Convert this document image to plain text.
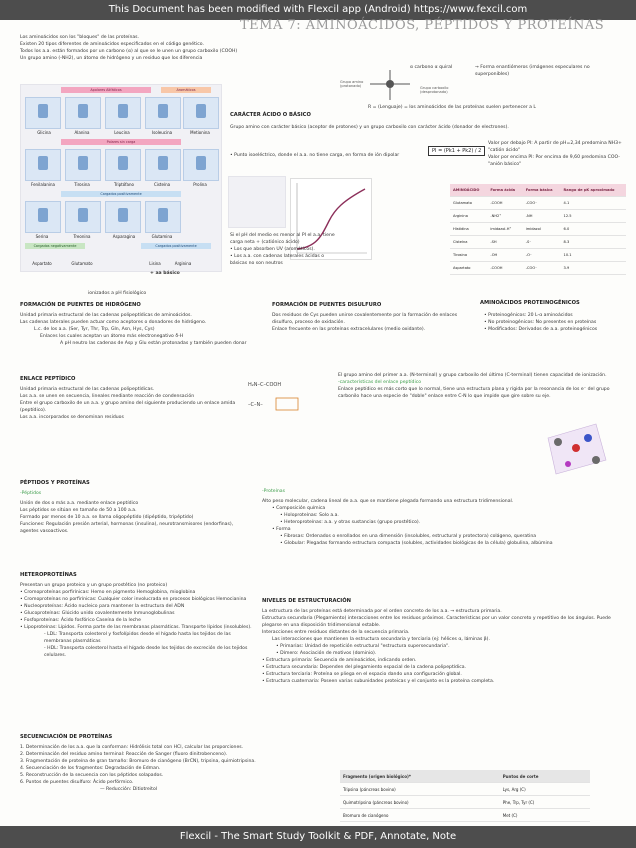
This Document has been modified with Flexcil app (Android) https://www.fexcil.com
TEMA 7: AMINOÁCIDOS, PÉPTIDOS Y PROTEÍNAS

Los aminoácidos son los "bloques" de las proteínas.

Existen 20 tipos diferentes de aminoácidos especificados en el código genético.

Todos los a.a. están formados por un carbono (α) al que se le unen un grupo carboxilo (COOH)

Un grupo amino (-NH2), un átomo de hidrógeno y un residuo que los diferencia

Grupo amino (protonado)	Grupo carboxilo (desprotonado)
α carbono α quiral	→ Forma enantiómeros (imágenes especulares no superponibles)
R = (Lenguaje) = los aminoácidos de las proteínas suelen pertenecer a L
Apolares Alifáticos	Aromáticos
Glicina	Alanina	Leucina	Isoleucina	Metionina
Polares sin carga
Fenilalanina	Tirosina	Triptófano	Cisteína	Prolina
Cargados positivamente
Serina	Treonina	Asparagina	Glutamina
Cargados negativamente	Cargados positivamente
Aspartato	Glutamato	Lisina	Arginina
+ aa básico
ionizados a pH fisiológico
CARÁCTER ÁCIDO O BÁSICO
Grupo amino con carácter básico (aceptor de protones) y un grupo carboxilo con carácter ácido (donador de electrones).
• Punto isoeléctrico, donde el a.a. no tiene carga, en forma de ión dipolar
PI = (Pk1 + Pk2) / 2

Valor por debajo PI: A partir de pH=2,34 predomina NH3+ "catión ácido"

Valor por encima PI: Por encima de 9,60 predomina COO- "anión básico"

AMINOÁCIDO	Forma ácida	Forma básica	Rango de pK aproximado
Glutamato	-COOH	-COO⁻	4.1
Arginina	-NH2⁺	-NH	12.5
Histidina	imidazol-H⁺	imidazol	6.0
Cisteína	-SH	-S⁻	8.3
Tirosina	-OH	-O⁻	10.1
Aspartato	-COOH	-COO⁻	3.9

Si el pH del medio es menor al PI el a.a. tiene carga neta + (catiónico ácido)

• Los que absorben UV (aromáticos).

• Los a.a. con cadenas laterales ácidas o básicas no son neutros

FORMACIÓN DE PUENTES DE HIDRÓGENO

Unidad primaria estructural de las cadenas polipeptídicas de aminoácidos.

Las cadenas laterales pueden actuar como aceptores o donadores de hidrógeno.

L.c. de los a.a. (Ser, Tyr, Thr, Trp, Gln, Asn, Hys, Cys)

Enlaces los cuales aceptan un átomo más electronegativo δ-H

A pH neutro las cadenas de Asp y Glu están protonadas y también pueden donar

FORMACIÓN DE PUENTES DISULFURO

Dos residuos de Cys pueden unirse covalentemente por la formación de enlaces disulfuro, proceso de oxidación.

Enlace frecuente en las proteínas extracelulares (medio oxidante).

AMINOÁCIDOS PROTEINOGÉNICOS

• Proteinogénicos: 20 L-α aminoácidos

• No proteinogénicos: No presentes en proteínas

• Modificados: Derivados de a.a. proteinogénicos

ENLACE PEPTÍDICO

Unidad primaria estructural de las cadenas polipeptídicas.

Los a.a. se unen en secuencia, lineales mediante reacción de condensación

Entre el grupo carboxilo de un a.a. y grupo amino del siguiente produciendo un enlace amida (peptídico).

Los a.a. incorporados se denominan residuos

H₂N–C–COOH
–C–N–

El grupo amino del primer a.a. (N-terminal) y grupo carboxilo del último (C-terminal) tienen capacidad de ionización.

-características del enlace peptídico

Enlace peptídico es más corto que lo normal, tiene una estructura plana y rígida por la resonancia de los e⁻ del grupo carbonilo hace una especie de "doble" enlace entre C-N lo que impide que gire sobre su eje.

PÉPTIDOS Y PROTEÍNAS
-Péptidos

Unión de dos o más a.a. mediante enlace peptídico

Los péptidos se sitúan en tamaño de 50 a 100 a.a.

Formado por menos de 10 a.a. se llama oligopéptido (dipéptido, tripéptido)

Funciones: Regulación presión arterial, hormonas (insulina), neurotransmisores (endorfinas), agentes vasoactivos.

-Proteínas

Alto peso molecular, cadena lineal de a.a. que se mantiene plegada formando una estructura tridimensional.

• Composición química

• Holoproteínas: Solo a.a.

• Heteroproteínas: a.a. y otras sustancias (grupo prostético).

• Forma

• Fibrosas: Ordenados o enrollados en una dimensión (insolubles, estructural y protectora) colágeno, queratina

• Globular: Plegadas formando estructura compacta (solubles, actividades biológicas de la célula) globulina, albúmina

HETEROPROTEÍNAS

Presentan un grupo proteico y un grupo prostético (no proteico)

• Cromoproteínas porfirínicas: Hemo en pigmento Hemoglobina, mioglobina

• Cromoproteínas no porfirínicas: Cualquier color involucrada en procesos biológicos Hemocianina

• Nucleoproteínas: Ácido nucleico para mantener la estructura del ADN

• Glucoproteínas: Glúcido unido covalentemente Inmunoglobulinas

• Fosfoproteínas: Ácido fosfórico Caseína de la leche

• Lipoproteínas: Lípidos. Forma parte de las membranas plasmáticas. Transporte lípidos (insolubles).

- LDL: Transporta colesterol y fosfolípidos desde el hígado hasta los tejidos de las membranas plasmáticas

- HDL: Transporta colesterol hasta el hígado desde los tejidos de excreción de los tejidos celulares.

NIVELES DE ESTRUCTURACIÓN

La estructura de las proteínas está determinada por el orden concreto de los a.a. → estructura primaria.

Estructura secundaria (Plegamiento) interacciones entre los residuos próximos. Características por un valor concreto y repetitivo de los ángulos. Puede plegarse en una disposición tridimensional estable.

Interacciones entre residuos distantes de la secuencia primaria.

Las interacciones que mantienen la estructura secundaria y terciaria (ej: hélices α, láminas β).

• Primarias: Unidad de repetición estructural "estructura supersecundaria".

• Dímero: Asociación de motivos (dominio).

• Estructura primaria: Secuencia de aminoácidos, indicando orden.

• Estructura secundaria: Dependen del plegamiento espacial de la cadena polipeptídica.

• Estructura terciaria: Proteína se pliega en el espacio dando una configuración global.

• Estructura cuaternaria: Poseen varias subunidades proteicas y el conjunto es la proteína completa.

SECUENCIACIÓN DE PROTEÍNAS

1. Determinación de los a.a. que la conforman: Hidrólisis total con HCl, calcular las proporciones.

2. Determinación del residuo amino terminal: Reacción de Sanger (fluoro dinitrobenceno).

3. Fragmentación de proteína de gran tamaño: Bromuro de cianógeno (BrCN), tripsina, quimiotripsina.

4. Secuenciación de los fragmentos: Degradación de Edman.

5. Reconstrucción de la secuencia con los péptidos solapados.

6. Puntos de puentes disulfuro: Ácido perfórmico.

— Reducción: Ditiotreitol

Fragmento (origen biológico)*	Puntos de corte
Tripsina (páncreas bovino)	Lys, Arg (C)
Quimotripsina (páncreas bovino)	Phe, Trp, Tyr (C)
Bromuro de cianógeno	Met (C)

Flexcil - The Smart Study Toolkit & PDF, Annotate, Note
